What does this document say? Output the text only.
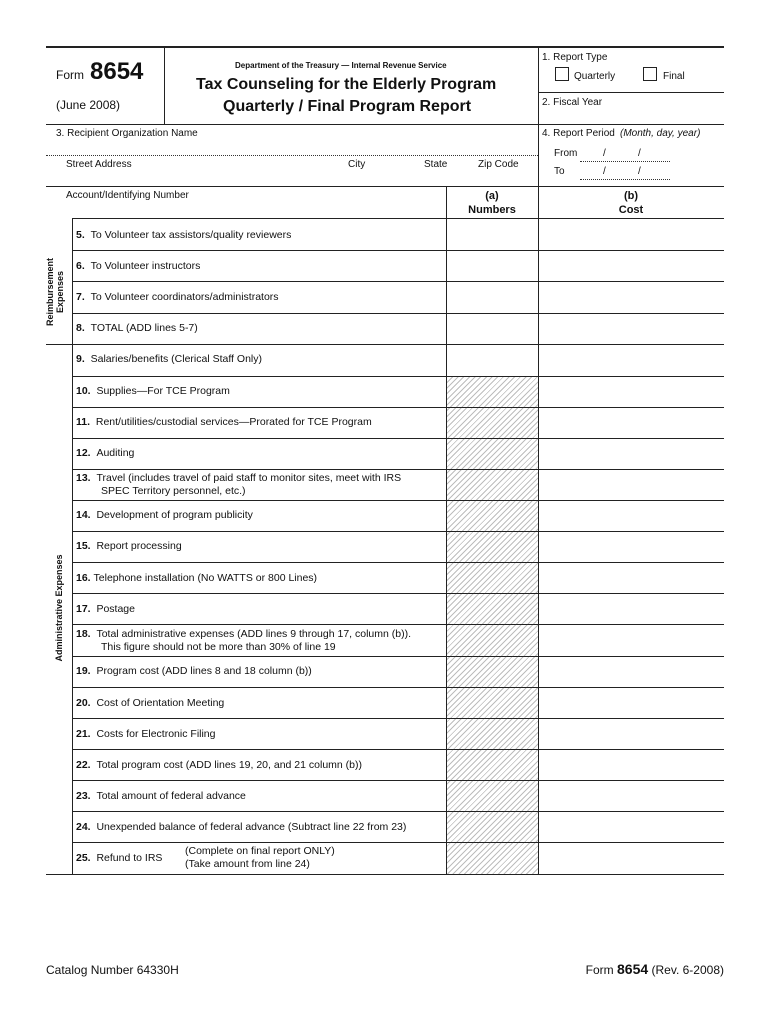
Form 8654
(June 2008)
Department of the Treasury — Internal Revenue Service
Tax Counseling for the Elderly Program
Quarterly / Final Program Report
1. Report Type
Quarterly	Final
2. Fiscal Year
3. Recipient Organization Name	4. Report Period (Month, day, year)
Street Address	City	State	Zip Code
From	/	/
To	/	/
Account/Identifying Number	(a)
Numbers
(b)
Cost
Reimbursement Expenses
Administrative Expenses
5. To Volunteer tax assistors/quality reviewers
6. To Volunteer instructors
7. To Volunteer coordinators/administrators
8. TOTAL (ADD lines 5-7)
9. Salaries/benefits (Clerical Staff Only)
10. Supplies—For TCE Program
11. Rent/utilities/custodial services—Prorated for TCE Program
12. Auditing
13. Travel (includes travel of paid staff to monitor sites, meet with IRS
SPEC Territory personnel, etc.)
14. Development of program publicity
15. Report processing
16. Telephone installation (No WATTS or 800 Lines)
17. Postage
18. Total administrative expenses (ADD lines 9 through 17, column (b)).
This figure should not be more than 30% of line 19
19. Program cost (ADD lines 8 and 18 column (b))
20. Cost of Orientation Meeting
21. Costs for Electronic Filing
22. Total program cost (ADD lines 19, 20, and 21 column (b))
23. Total amount of federal advance
24. Unexpended balance of federal advance (Subtract line 22 from 23)
25. Refund to IRS
(Complete on final report ONLY)
(Take amount from line 24)
Catalog Number 64330H	Form 8654 (Rev. 6-2008)
